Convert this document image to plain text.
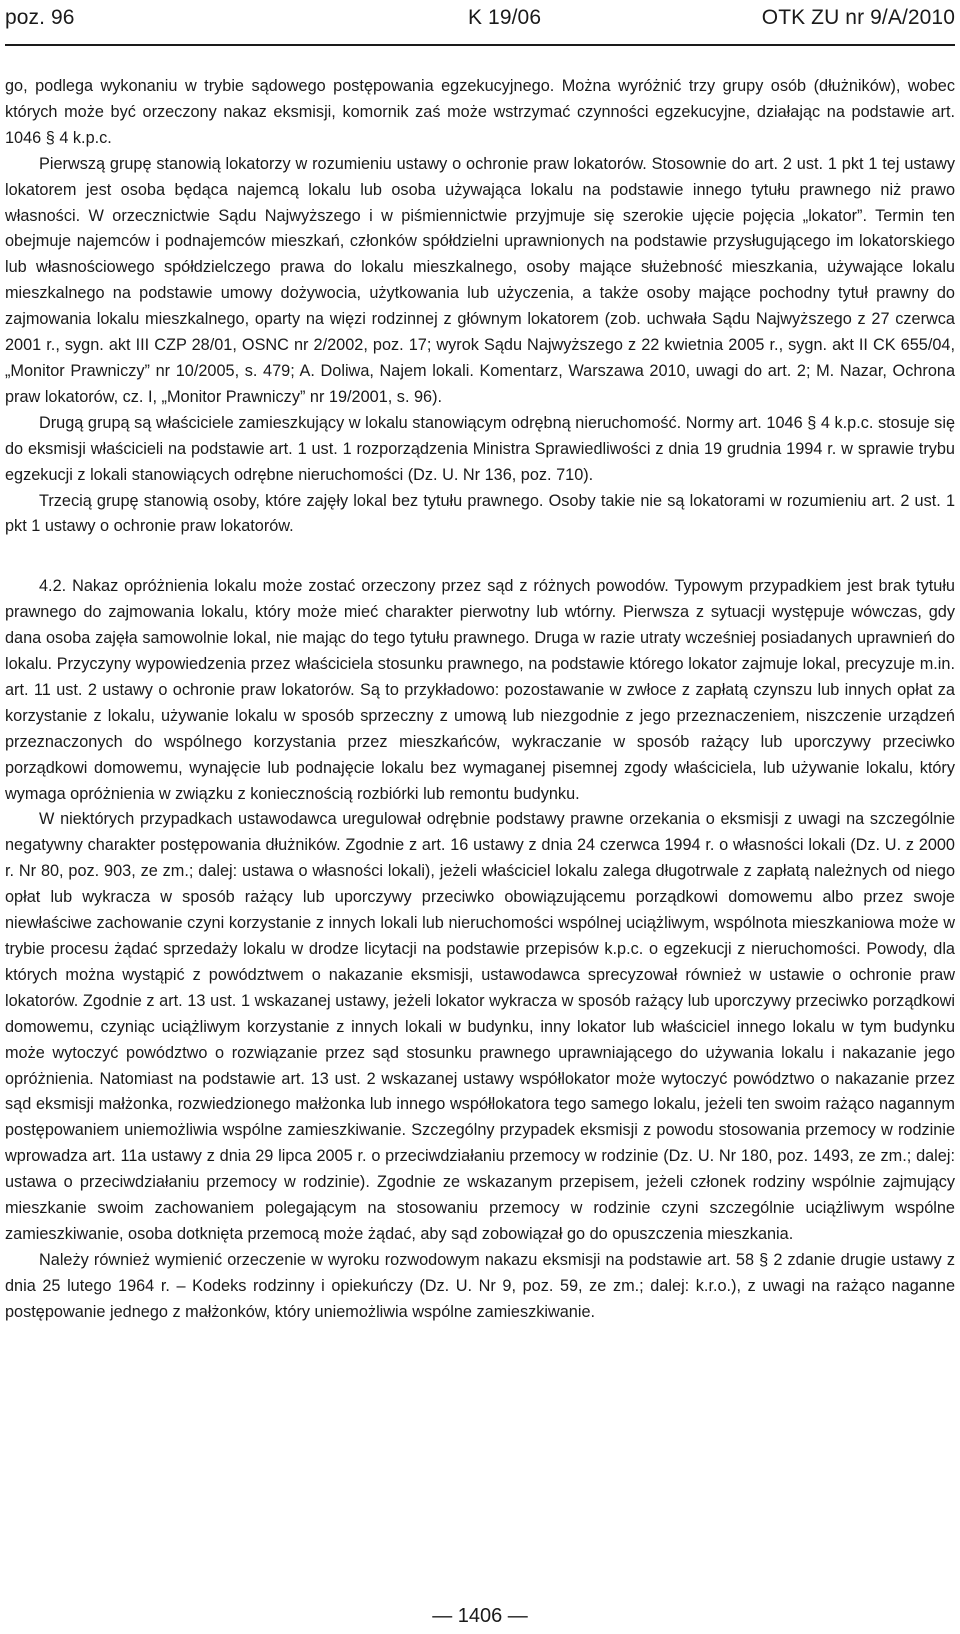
poz. 96	K 19/06	OTK ZU nr 9/A/2010

go, podlega wykonaniu w trybie sądowego postępowania egzekucyjnego. Można wyróżnić trzy grupy osób (dłużników), wobec których może być orzeczony nakaz eksmisji, komornik zaś może wstrzymać czynności egzekucyjne, działając na podstawie art. 1046 § 4 k.p.c.

Pierwszą grupę stanowią lokatorzy w rozumieniu ustawy o ochronie praw lokatorów. Stosownie do art. 2 ust. 1 pkt 1 tej ustawy lokatorem jest osoba będąca najemcą lokalu lub osoba używająca lokalu na podstawie innego tytułu prawnego niż prawo własności. W orzecznictwie Sądu Najwyższego i w piśmiennictwie przyjmuje się szerokie ujęcie pojęcia „lokator”. Termin ten obejmuje najemców i podnajemców mieszkań, członków spółdzielni uprawnionych na podstawie przysługującego im lokatorskiego lub własnościowego spółdzielczego prawa do lokalu mieszkalnego, osoby mające służebność mieszkania, używające lokalu mieszkalnego na podstawie umowy dożywocia, użytkowania lub użyczenia, a także osoby mające pochodny tytuł prawny do zajmowania lokalu mieszkalnego, oparty na więzi rodzinnej z głównym lokatorem (zob. uchwała Sądu Najwyższego z 27 czerwca 2001 r., sygn. akt III CZP 28/01, OSNC nr 2/2002, poz. 17; wyrok Sądu Najwyższego z 22 kwietnia 2005 r., sygn. akt II CK 655/04, „Monitor Prawniczy” nr 10/2005, s. 479; A. Doliwa, Najem lokali. Komentarz, Warszawa 2010, uwagi do art. 2; M. Nazar, Ochrona praw lokatorów, cz. I, „Monitor Prawniczy” nr 19/2001, s. 96).

Drugą grupą są właściciele zamieszkujący w lokalu stanowiącym odrębną nieruchomość. Normy art. 1046 § 4 k.p.c. stosuje się do eksmisji właścicieli na podstawie art. 1 ust. 1 rozporządzenia Ministra Sprawiedliwości z dnia 19 grudnia 1994 r. w sprawie trybu egzekucji z lokali stanowiących odrębne nieruchomości (Dz. U. Nr 136, poz. 710).

Trzecią grupę stanowią osoby, które zajęły lokal bez tytułu prawnego. Osoby takie nie są lokatorami w rozumieniu art. 2 ust. 1 pkt 1 ustawy o ochronie praw lokatorów.

4.2. Nakaz opróżnienia lokalu może zostać orzeczony przez sąd z różnych powodów. Typowym przypadkiem jest brak tytułu prawnego do zajmowania lokalu, który może mieć charakter pierwotny lub wtórny. Pierwsza z sytuacji występuje wówczas, gdy dana osoba zajęła samowolnie lokal, nie mając do tego tytułu prawnego. Druga w razie utraty wcześniej posiadanych uprawnień do lokalu. Przyczyny wypowiedzenia przez właściciela stosunku prawnego, na podstawie którego lokator zajmuje lokal, precyzuje m.in. art. 11 ust. 2 ustawy o ochronie praw lokatorów. Są to przykładowo: pozostawanie w zwłoce z zapłatą czynszu lub innych opłat za korzystanie z lokalu, używanie lokalu w sposób sprzeczny z umową lub niezgodnie z jego przeznaczeniem, niszczenie urządzeń przeznaczonych do wspólnego korzystania przez mieszkańców, wykraczanie w sposób rażący lub uporczywy przeciwko porządkowi domowemu, wynajęcie lub podnajęcie lokalu bez wymaganej pisemnej zgody właściciela, lub używanie lokalu, który wymaga opróżnienia w związku z koniecznością rozbiórki lub remontu budynku.

W niektórych przypadkach ustawodawca uregulował odrębnie podstawy prawne orzekania o eksmisji z uwagi na szczególnie negatywny charakter postępowania dłużników. Zgodnie z art. 16 ustawy z dnia 24 czerwca 1994 r. o własności lokali (Dz. U. z 2000 r. Nr 80, poz. 903, ze zm.; dalej: ustawa o własności lokali), jeżeli właściciel lokalu zalega długotrwale z zapłatą należnych od niego opłat lub wykracza w sposób rażący lub uporczywy przeciwko obowiązującemu porządkowi domowemu albo przez swoje niewłaściwe zachowanie czyni korzystanie z innych lokali lub nieruchomości wspólnej uciążliwym, wspólnota mieszkaniowa może w trybie procesu żądać sprzedaży lokalu w drodze licytacji na podstawie przepisów k.p.c. o egzekucji z nieruchomości. Powody, dla których można wystąpić z powództwem o nakazanie eksmisji, ustawodawca sprecyzował również w ustawie o ochronie praw lokatorów. Zgodnie z art. 13 ust. 1 wskazanej ustawy, jeżeli lokator wykracza w sposób rażący lub uporczywy przeciwko porządkowi domowemu, czyniąc uciążliwym korzystanie z innych lokali w budynku, inny lokator lub właściciel innego lokalu w tym budynku może wytoczyć powództwo o rozwiązanie przez sąd stosunku prawnego uprawniającego do używania lokalu i nakazanie jego opróżnienia. Natomiast na podstawie art. 13 ust. 2 wskazanej ustawy współlokator może wytoczyć powództwo o nakazanie przez sąd eksmisji małżonka, rozwiedzionego małżonka lub innego współlokatora tego samego lokalu, jeżeli ten swoim rażąco nagannym postępowaniem uniemożliwia wspólne zamieszkiwanie. Szczególny przypadek eksmisji z powodu stosowania przemocy w rodzinie wprowadza art. 11a ustawy z dnia 29 lipca 2005 r. o przeciwdziałaniu przemocy w rodzinie (Dz. U. Nr 180, poz. 1493, ze zm.; dalej: ustawa o przeciwdziałaniu przemocy w rodzinie). Zgodnie ze wskazanym przepisem, jeżeli członek rodziny wspólnie zajmujący mieszkanie swoim zachowaniem polegającym na stosowaniu przemocy w rodzinie czyni szczególnie uciążliwym wspólne zamieszkiwanie, osoba dotknięta przemocą może żądać, aby sąd zobowiązał go do opuszczenia mieszkania.

Należy również wymienić orzeczenie w wyroku rozwodowym nakazu eksmisji na podstawie art. 58 § 2 zdanie drugie ustawy z dnia 25 lutego 1964 r. – Kodeks rodzinny i opiekuńczy (Dz. U. Nr 9, poz. 59, ze zm.; dalej: k.r.o.), z uwagi na rażąco naganne postępowanie jednego z małżonków, który uniemożliwia wspólne zamieszkiwanie.

— 1406 —
